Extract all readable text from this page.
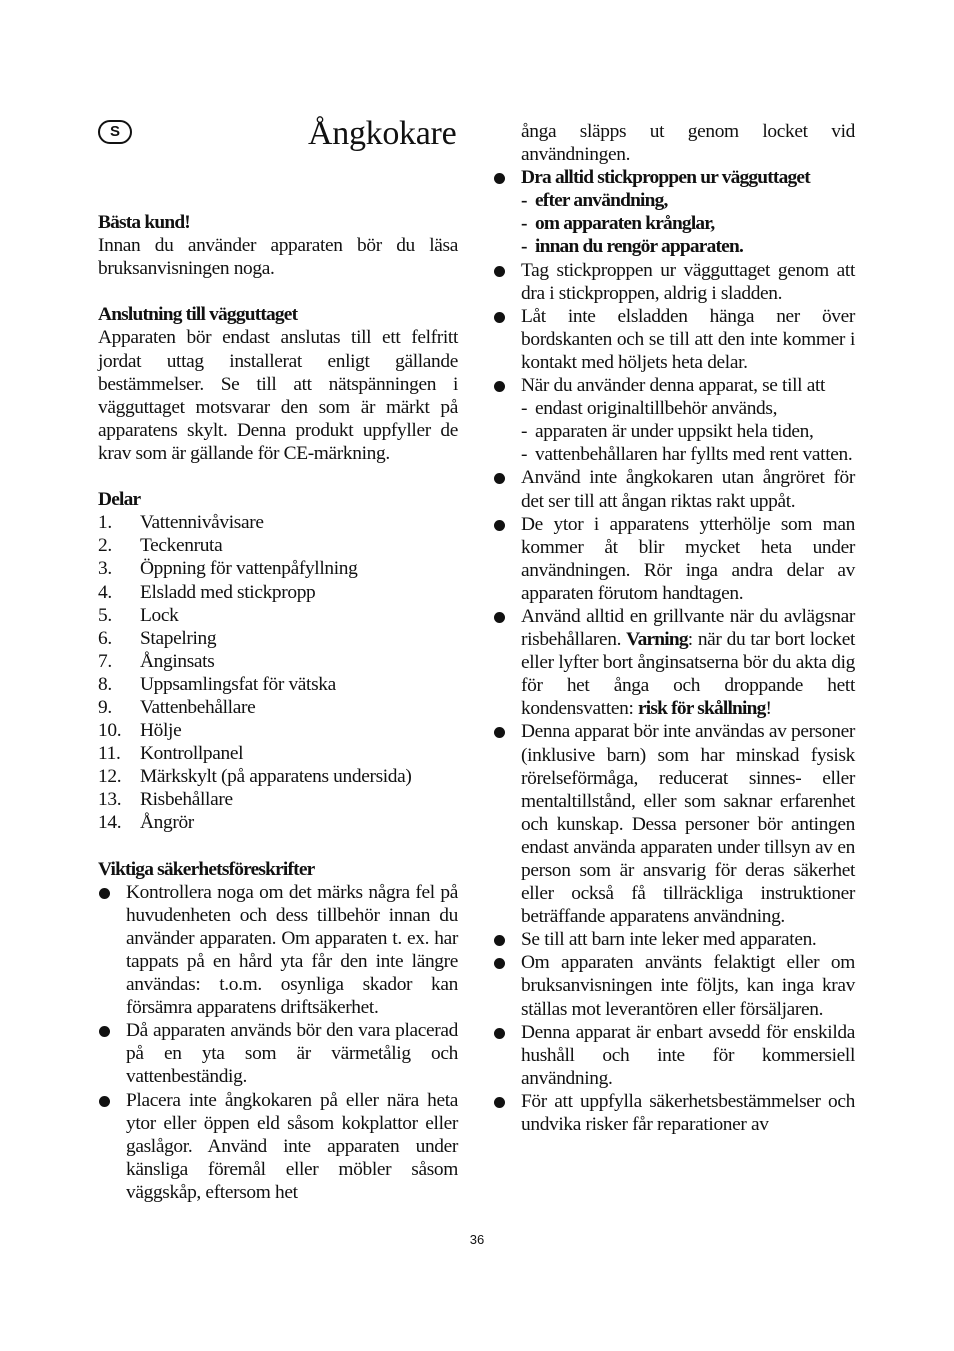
S	Ångkokare

Bästa kund!

Innan du använder apparaten bör du läsa bruksanvisningen noga.

Anslutning till vägguttaget

Apparaten bör endast anslutas till ett felfritt jordat uttag installerat enligt gällande bestämmelser. Se till att nätspänningen i vägguttaget motsvarar den som är märkt på apparatens skylt. Denna produkt uppfyller de krav som är gällande för CE-märkning.

Delar

1.	Vattennivåvisare
2.	Teckenruta
3.	Öppning för vattenpåfyllning
4.	Elsladd med stickpropp
5.	Lock
6.	Stapelring
7.	Ånginsats
8.	Uppsamlingsfat för vätska
9.	Vattenbehållare
10. Hölje
11.	Kontrollpanel
12. Märkskylt (på apparatens undersida)
13. Risbehållare
14. Ångrör

Viktiga säkerhetsföreskrifter

Kontrollera noga om det märks några fel på huvudenheten och dess tillbehör innan du använder apparaten. Om apparaten t. ex. har tappats på en hård yta får den inte längre användas: t.o.m. osynliga skador kan försämra apparatens driftsäkerhet.
Då apparaten används bör den vara placerad på en yta som är värmetålig och vattenbeständig.
Placera inte ångkokaren på eller nära heta ytor eller öppen eld såsom kokplattor eller gaslågor. Använd inte apparaten under känsliga föremål eller möbler såsom väggskåp, eftersom het

ånga släpps ut genom locket vid användningen.

Dra alltid stickproppen ur vägguttaget
- efter användning,
- om apparaten krånglar,
- innan du rengör apparaten.
Tag stickproppen ur vägguttaget genom att dra i stickproppen, aldrig i sladden.
Låt inte elsladden hänga ner över bordskanten och se till att den inte kommer i kontakt med höljets heta delar.
När du använder denna apparat, se till att
- endast originaltillbehör används,
- apparaten är under uppsikt hela tiden,
- vattenbehållaren har fyllts med rent vatten.
Använd inte ångkokaren utan ångröret för det ser till att ångan riktas rakt uppåt.
De ytor i apparatens ytterhölje som man kommer åt blir mycket heta under användningen. Rör inga andra delar av apparaten förutom handtagen.
Använd alltid en grillvante när du avlägsnar risbehållaren. Varning: när du tar bort locket eller lyfter bort ånginsatserna bör du akta dig för het ånga och droppande hett kondensvatten: risk för skållning!
Denna apparat bör inte användas av personer (inklusive barn) som har minskad fysisk rörelseförmåga, reducerat sinnes- eller mentaltillstånd, eller som saknar erfarenhet och kunskap. Dessa personer bör antingen endast använda apparaten under tillsyn av en person som är ansvarig för deras säkerhet eller också få tillräckliga instruktioner beträffande apparatens användning.
Se till att barn inte leker med apparaten.
Om apparaten använts felaktigt eller om bruksanvisningen inte följts, kan inga krav ställas mot leverantören eller försäljaren.
Denna apparat är enbart avsedd för enskilda hushåll och inte för kommersiell användning.
För att uppfylla säkerhetsbestämmelser och undvika risker får reparationer av
36
